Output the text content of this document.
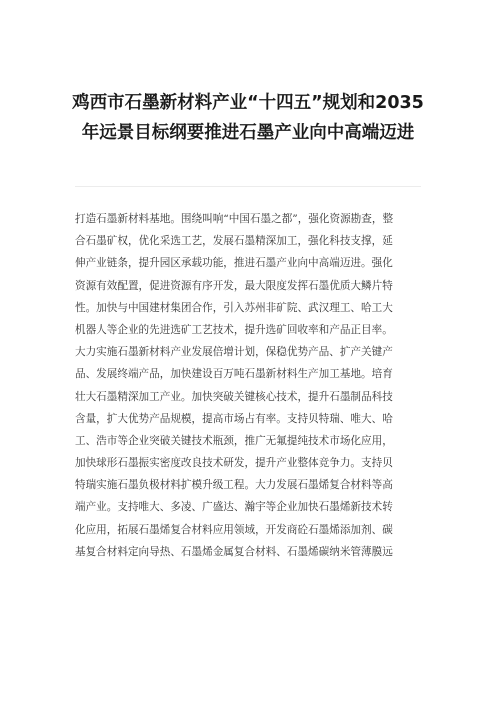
鸡西市石墨新材料产业“十四五”规划和2035
年远景目标纲要推进石墨产业向中高端迈进
打造石墨新材料基地。围绕叫响“中国石墨之都”，强化资源勘查，整
合石墨矿权，优化采选工艺，发展石墨精深加工，强化科技支撑，延
伸产业链条，提升园区承载功能，推进石墨产业向中高端迈进。强化
资源有效配置，促进资源有序开发，最大限度发挥石墨优质大鳞片特
性。加快与中国建材集团合作，引入苏州非矿院、武汉理工、哈工大
机器人等企业的先进选矿工艺技术，提升选矿回收率和产品正目率。
大力实施石墨新材料产业发展倍增计划，保稳优势产品、扩产关键产
品、发展终端产品，加快建设百万吨石墨新材料生产加工基地。培育
壮大石墨精深加工产业。加快突破关键核心技术，提升石墨制品科技
含量，扩大优势产品规模，提高市场占有率。支持贝特瑞、唯大、哈
工、浩市等企业突破关键技术瓶颈，推广无氟提纯技术市场化应用，
加快球形石墨振实密度改良技术研发，提升产业整体竞争力。支持贝
特瑞实施石墨负极材料扩模升级工程。大力发展石墨烯复合材料等高
端产业。支持唯大、多凌、广盛达、瀚宇等企业加快石墨烯新技术转
化应用，拓展石墨烯复合材料应用领域，开发商砼石墨烯添加剂、碳
基复合材料定向导热、石墨烯金属复合材料、石墨烯碳纳米管薄膜远
